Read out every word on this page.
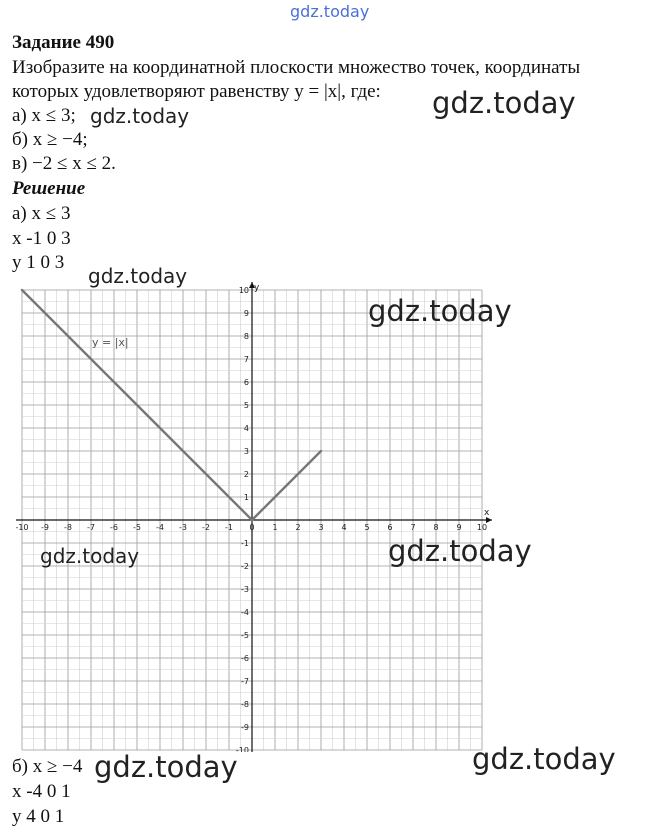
gdz.today
Задание 490
Изобразите на координатной плоскости множество точек, координаты
которых удовлетворяют равенству y = |x|, где:
а) x ≤ 3;
б) x ≥ −4;
в) −2 ≤ x ≤ 2.
Решение
а) x ≤ 3
x -1 0 3
y 1 0 3
-10 -9 -8 -7 -6 -5 -4 -3 -2 -1 0 1 2 3 4 5 6 7 8 9 10
-10
-9
-8
-7
-6
-5
-4
-3
-2
-1
1
2
3
4
5
6
7
8
9
10
y = |x|
x
y
б) x ≥ −4
x -4 0 1
y 4 0 1
gdz.today
gdz.today
gdz.today
gdz.today
gdz.today	gdz.today
gdz.today	gdz.today
